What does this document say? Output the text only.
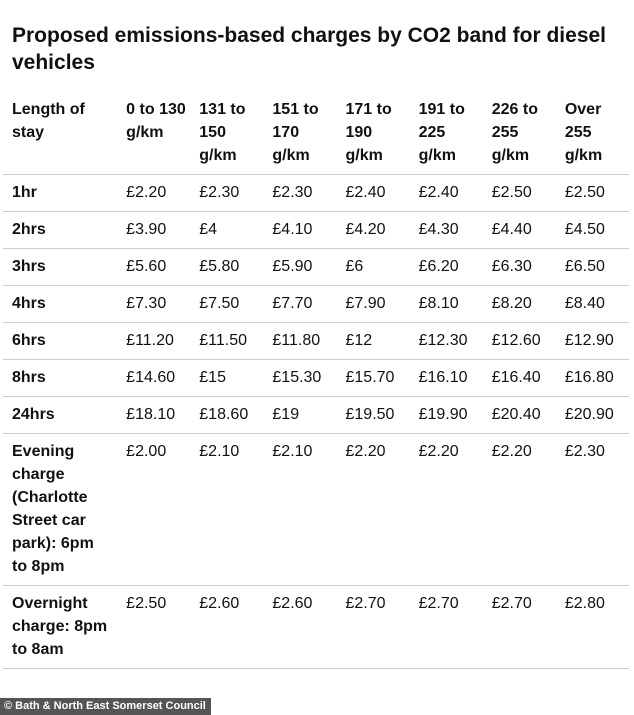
Proposed emissions-based charges by CO2 band for diesel vehicles
Length of stay	0 to 130 g/km	131 to 150 g/km	151 to 170 g/km	171 to 190 g/km	191 to 225 g/km	226 to 255 g/km	Over 255 g/km
1hr	£2.20	£2.30	£2.30	£2.40	£2.40	£2.50	£2.50
2hrs	£3.90	£4	£4.10	£4.20	£4.30	£4.40	£4.50
3hrs	£5.60	£5.80	£5.90	£6	£6.20	£6.30	£6.50
4hrs	£7.30	£7.50	£7.70	£7.90	£8.10	£8.20	£8.40
6hrs	£11.20	£11.50	£11.80	£12	£12.30	£12.60	£12.90
8hrs	£14.60	£15	£15.30	£15.70	£16.10	£16.40	£16.80
24hrs	£18.10	£18.60	£19	£19.50	£19.90	£20.40	£20.90
Evening charge (Charlotte Street car park): 6pm to 8pm	£2.00	£2.10	£2.10	£2.20	£2.20	£2.20	£2.30
Overnight charge: 8pm to 8am	£2.50	£2.60	£2.60	£2.70	£2.70	£2.70	£2.80
© Bath & North East Somerset Council
